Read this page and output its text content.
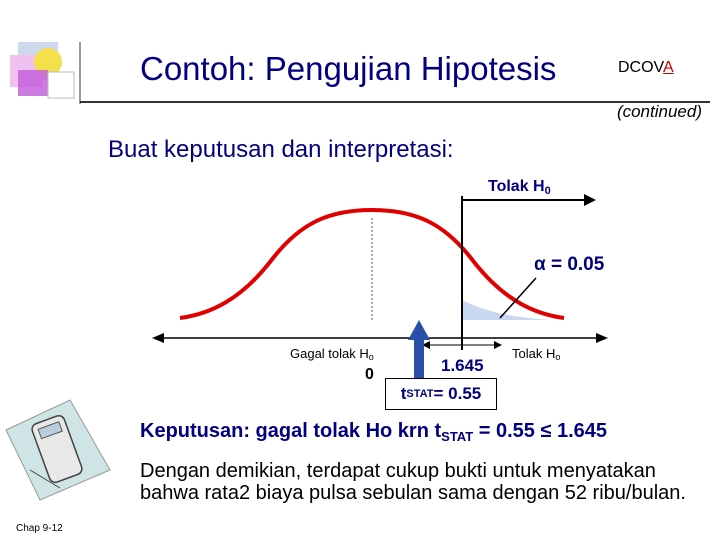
Contoh: Pengujian Hipotesis	DCOVA
(continued)
Buat keputusan dan interpretasi:
Tolak $H_0$
α = 0.05
Gagal tolak Ho	Tolak Ho
0	1.645
t STAT = 0.55
Keputusan: gagal tolak Ho krn $t_{STAT} = 0.55 \le 1.645$
Dengan demikian, terdapat cukup bukti untuk menyatakan bahwa rata2 biaya pulsa sebulan sama dengan 52 ribu/bulan.
Chap 9-12
